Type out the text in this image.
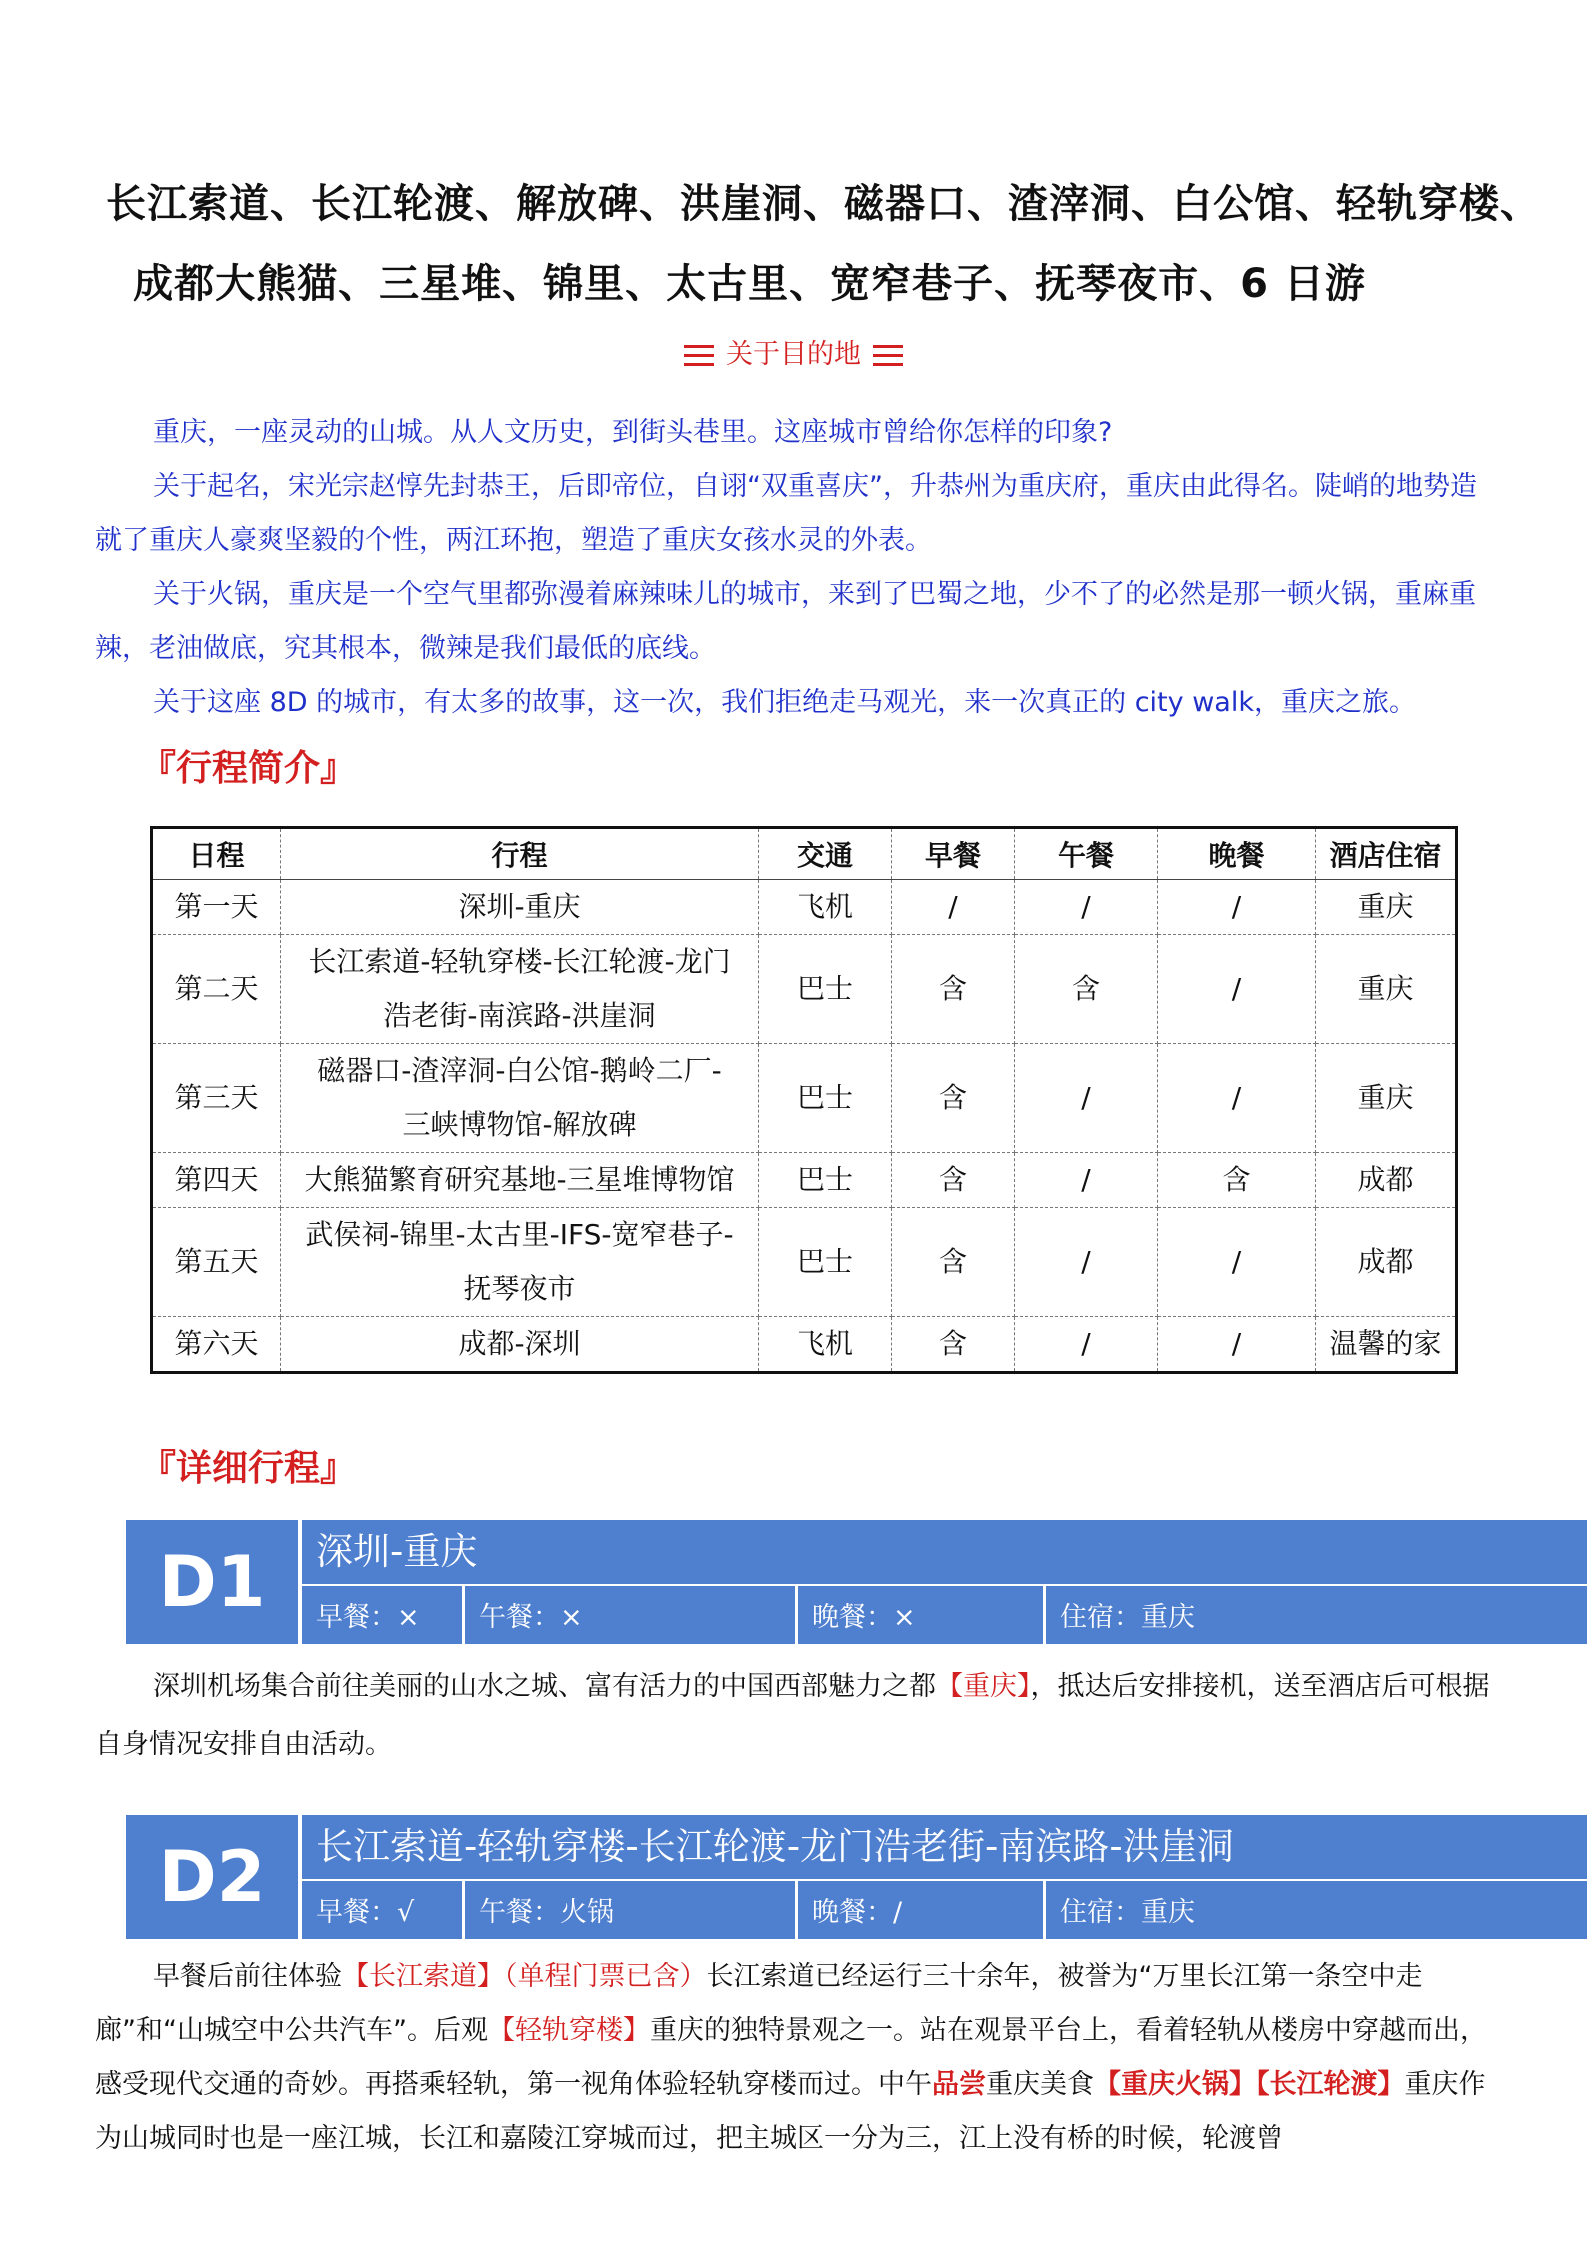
长江索道、长江轮渡、解放碑、洪崖洞、磁器口、渣滓洞、白公馆、轻轨穿楼、
成都大熊猫、三星堆、锦里、太古里、宽窄巷子、抚琴夜市、6 日游
关于目的地

重庆，一座灵动的山城。从人文历史，到街头巷里。这座城市曾给你怎样的印象?

关于起名，宋光宗赵惇先封恭王，后即帝位，自诩“双重喜庆”，升恭州为重庆府，重庆由此得名。陡峭的地势造就了重庆人豪爽坚毅的个性，两江环抱，塑造了重庆女孩水灵的外表。

关于火锅，重庆是一个空气里都弥漫着麻辣味儿的城市，来到了巴蜀之地，少不了的必然是那一顿火锅，重麻重辣，老油做底，究其根本，微辣是我们最低的底线。

关于这座 8D 的城市，有太多的故事，这一次，我们拒绝走马观光，来一次真正的 city walk，重庆之旅。

『行程简介』
日程	行程	交通	早餐	午餐	晚餐	酒店住宿
第一天	深圳-重庆	飞机	/	/	/	重庆
第二天	长江索道-轻轨穿楼-长江轮渡-龙门
浩老街-南滨路-洪崖洞	巴士	含	含	/	重庆
第三天	磁器口-渣滓洞-白公馆-鹅岭二厂-
三峡博物馆-解放碑	巴士	含	/	/	重庆
第四天	大熊猫繁育研究基地-三星堆博物馆	巴士	含	/	含	成都
第五天	武侯祠-锦里-太古里-IFS-宽窄巷子-
抚琴夜市	巴士	含	/	/	成都
第六天	成都-深圳	飞机	含	/	/	温馨的家
『详细行程』
D1	深圳-重庆
早餐：×	午餐：×	晚餐：×	住宿：重庆

深圳机场集合前往美丽的山水之城、富有活力的中国西部魅力之都【重庆】，抵达后安排接机，送至酒店后可根据自身情况安排自由活动。

D2	长江索道-轻轨穿楼-长江轮渡-龙门浩老街-南滨路-洪崖洞
早餐：√	午餐：火锅	晚餐：/	住宿：重庆

早餐后前往体验【长江索道】（单程门票已含）长江索道已经运行三十余年，被誉为“万里长江第一条空中走廊”和“山城空中公共汽车”。后观【轻轨穿楼】重庆的独特景观之一。站在观景平台上，看着轻轨从楼房中穿越而出，感受现代交通的奇妙。再搭乘轻轨，第一视角体验轻轨穿楼而过。中午品尝重庆美食【重庆火锅】【长江轮渡】重庆作为山城同时也是一座江城，长江和嘉陵江穿城而过，把主城区一分为三，江上没有桥的时候，轮渡曾
